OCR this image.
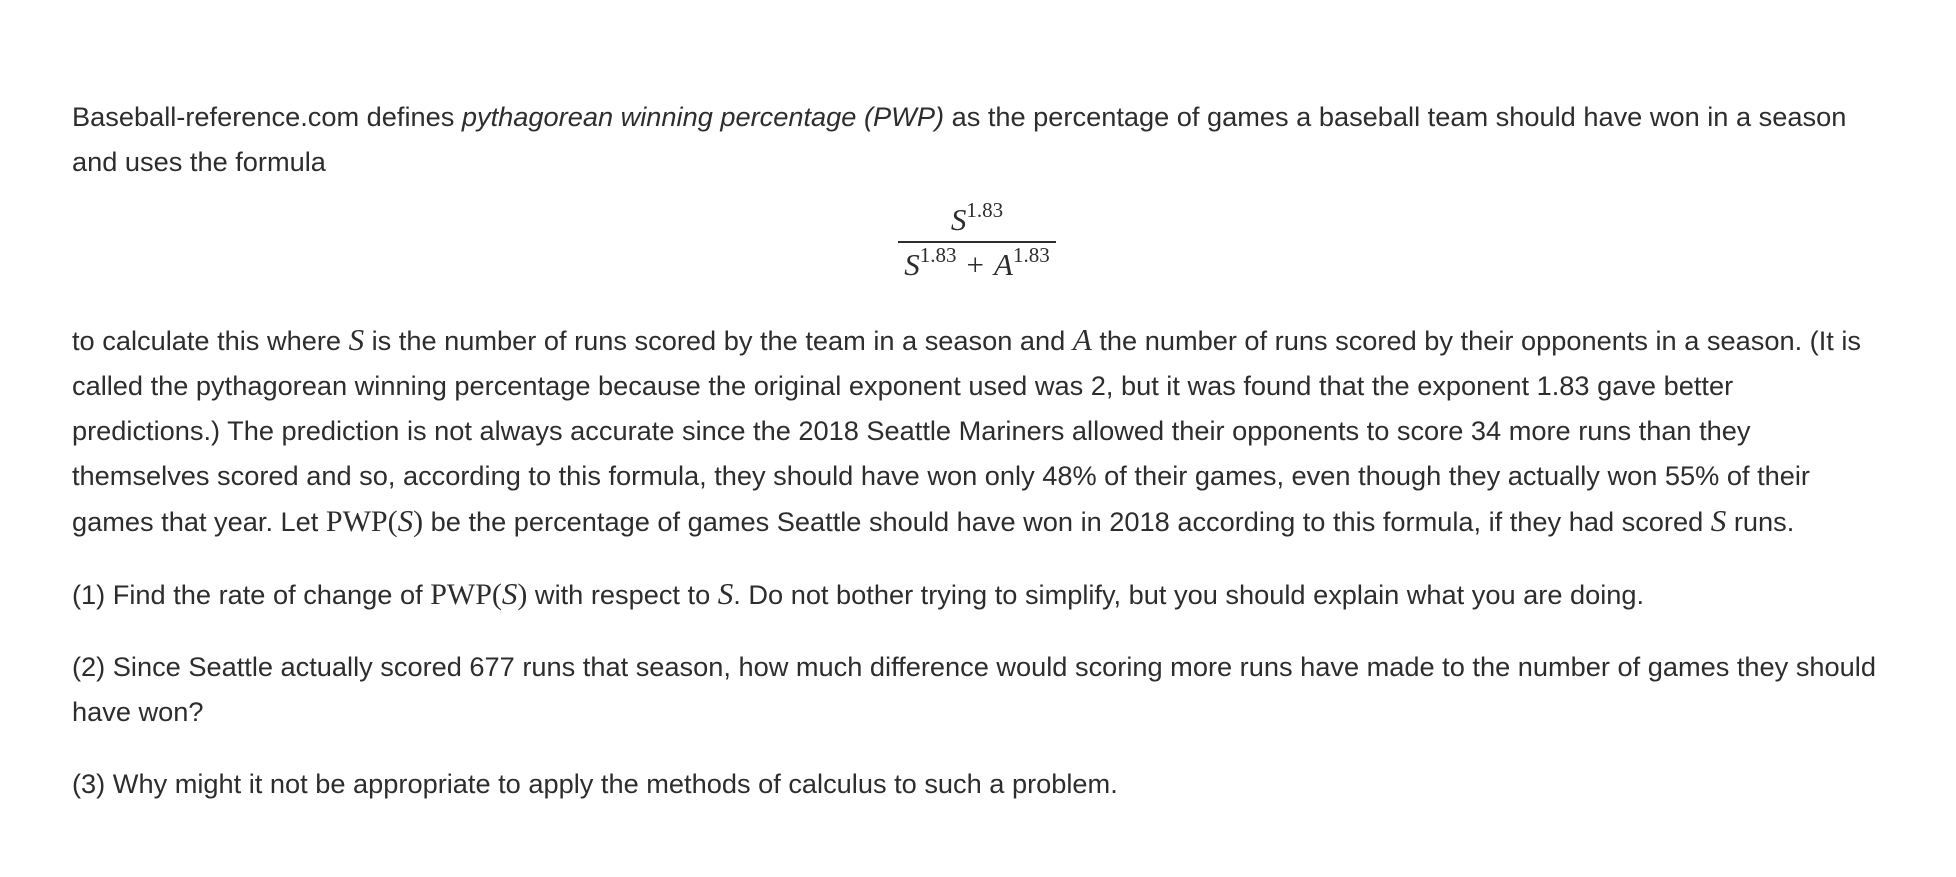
Baseball-reference.com defines pythagorean winning percentage (PWP) as the percentage of games a baseball team should have won in a season and uses the formula

$\frac{S^{1.83}}{S^{1.83} + A^{1.83}}$

to calculate this where S is the number of runs scored by the team in a season and A the number of runs scored by their opponents in a season. (It is called the pythagorean winning percentage because the original exponent used was 2, but it was found that the exponent 1.83 gave better predictions.) The prediction is not always accurate since the 2018 Seattle Mariners allowed their opponents to score 34 more runs than they themselves scored and so, according to this formula, they should have won only 48% of their games, even though they actually won 55% of their games that year. Let PWP(S) be the percentage of games Seattle should have won in 2018 according to this formula, if they had scored S runs.

(1) Find the rate of change of PWP(S) with respect to S. Do not bother trying to simplify, but you should explain what you are doing.

(2) Since Seattle actually scored 677 runs that season, how much difference would scoring more runs have made to the number of games they should have won?

(3) Why might it not be appropriate to apply the methods of calculus to such a problem.
